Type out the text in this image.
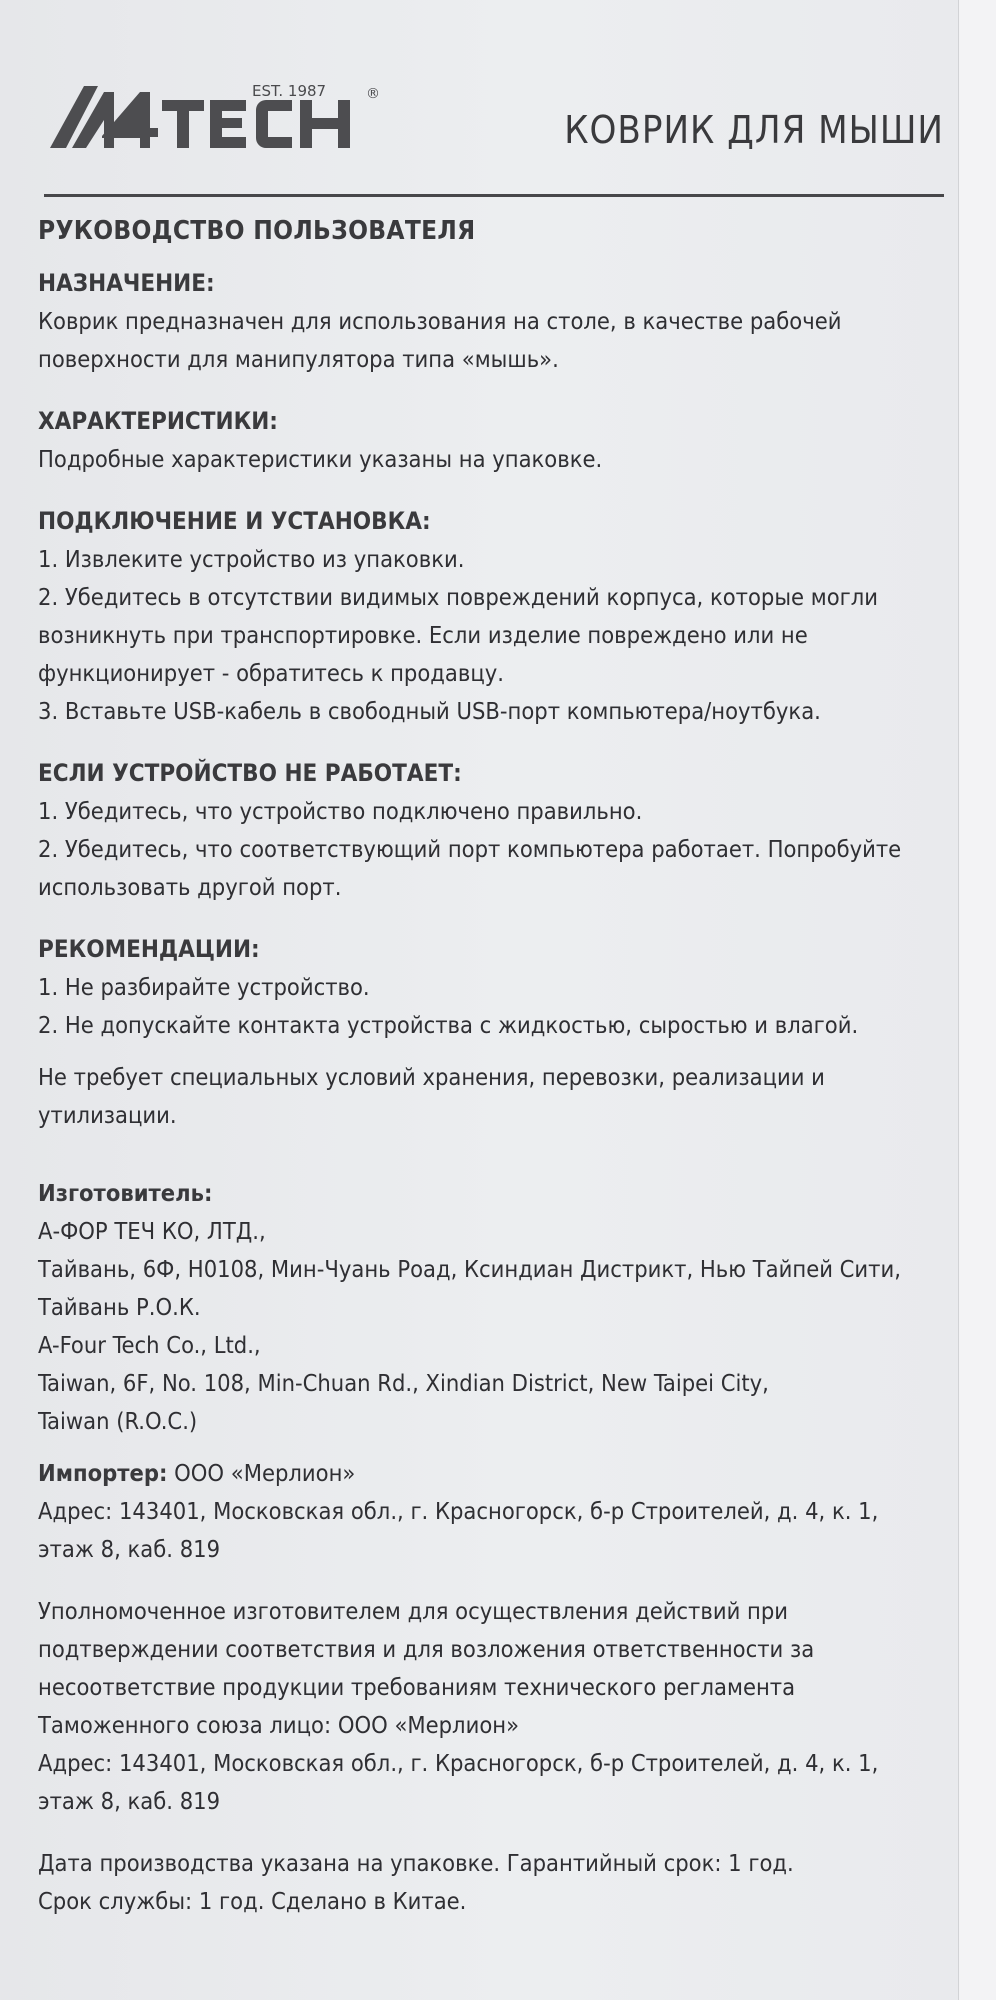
EST. 1987	®
КОВРИК ДЛЯ МЫШИ

РУКОВОДСТВО ПОЛЬЗОВАТЕЛЯ

НАЗНАЧЕНИЕ:

Коврик предназначен для использования на столе, в качестве рабочей

поверхности для манипулятора типа «мышь».

ХАРАКТЕРИСТИКИ:

Подробные характеристики указаны на упаковке.

ПОДКЛЮЧЕНИЕ И УСТАНОВКА:

1. Извлеките устройство из упаковки.

2. Убедитесь в отсутствии видимых повреждений корпуса, которые могли

возникнуть при транспортировке. Если изделие повреждено или не

функционирует - обратитесь к продавцу.

3. Вставьте USB-кабель в свободный USB-порт компьютера/ноутбука.

ЕСЛИ УСТРОЙСТВО НЕ РАБОТАЕТ:

1. Убедитесь, что устройство подключено правильно.

2. Убедитесь, что соответствующий порт компьютера работает. Попробуйте

использовать другой порт.

РЕКОМЕНДАЦИИ:

1. Не разбирайте устройство.

2. Не допускайте контакта устройства с жидкостью, сыростью и влагой.

Не требует специальных условий хранения, перевозки, реализации и

утилизации.

Изготовитель:

А-ФОР ТЕЧ КО, ЛТД.,

Тайвань, 6Ф, Н0108, Мин-Чуань Роад, Ксиндиан Дистрикт, Нью Тайпей Сити,

Тайвань Р.О.К.

A-Four Tech Co., Ltd.,

Taiwan, 6F, No. 108, Min-Chuan Rd., Xindian District, New Taipei City,

Taiwan (R.O.C.)

Импортер: ООО «Мерлион»

Адрес: 143401, Московская обл., г. Красногорск, б-р Строителей, д. 4, к. 1,

этаж 8, каб. 819

Уполномоченное изготовителем для осуществления действий при

подтверждении соответствия и для возложения ответственности за

несоответствие продукции требованиям технического регламента

Таможенного союза лицо: ООО «Мерлион»

Адрес: 143401, Московская обл., г. Красногорск, б-р Строителей, д. 4, к. 1,

этаж 8, каб. 819

Дата производства указана на упаковке. Гарантийный срок: 1 год.

Срок службы: 1 год. Сделано в Китае.
